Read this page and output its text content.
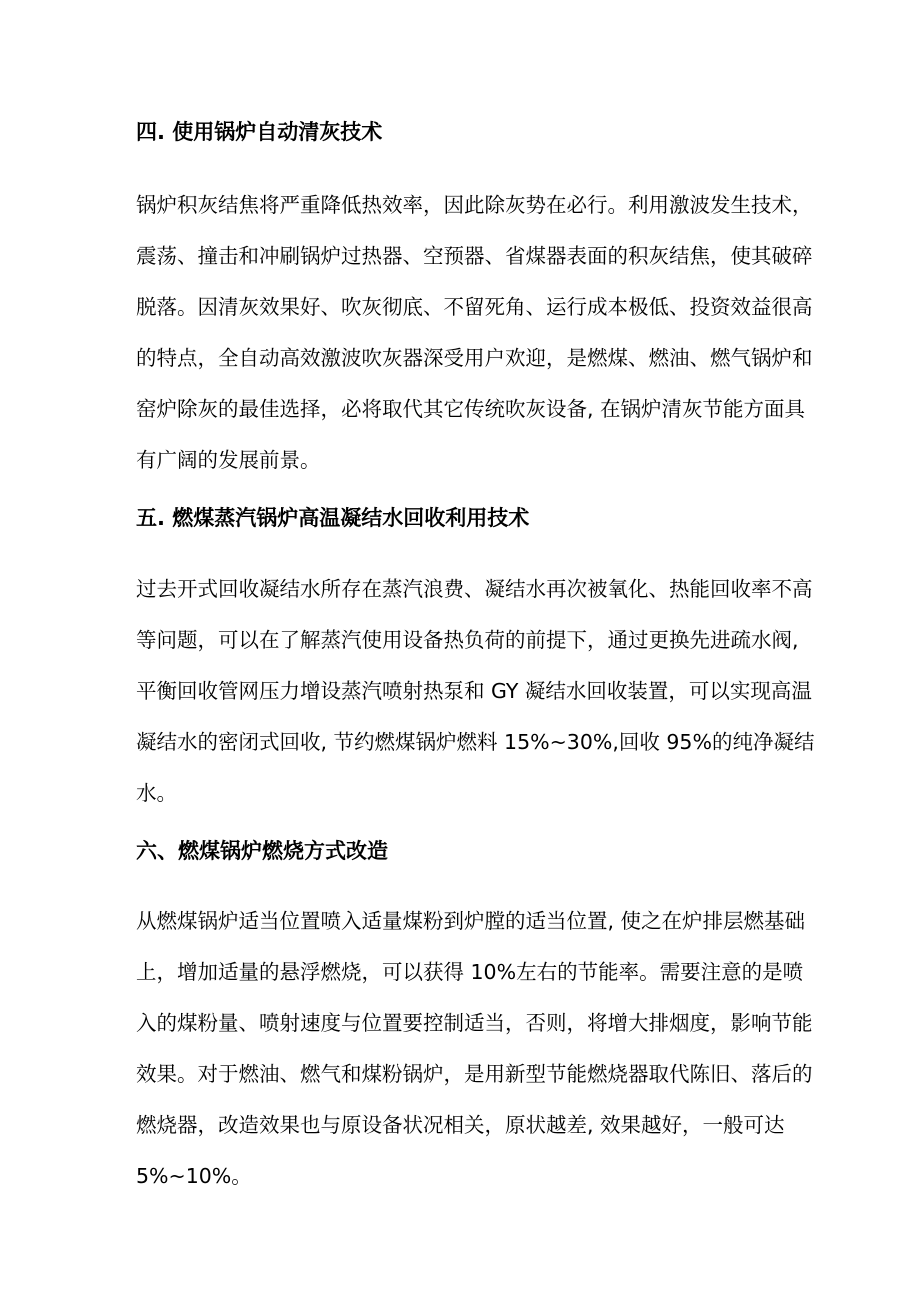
四. 使用锅炉自动清灰技术
锅炉积灰结焦将严重降低热效率，因此除灰势在必行。利用激波发生技术，
震荡、撞击和冲刷锅炉过热器、空预器、省煤器表面的积灰结焦，使其破碎
脱落。因清灰效果好、吹灰彻底、不留死角、运行成本极低、投资效益很高
的特点，全自动高效激波吹灰器深受用户欢迎，是燃煤、燃油、燃气锅炉和
窑炉除灰的最佳选择，必将取代其它传统吹灰设备, 在锅炉清灰节能方面具
有广阔的发展前景。
五. 燃煤蒸汽锅炉高温凝结水回收利用技术
过去开式回收凝结水所存在蒸汽浪费、凝结水再次被氧化、热能回收率不高
等问题，可以在了解蒸汽使用设备热负荷的前提下，通过更换先进疏水阀,
平衡回收管网压力增设蒸汽喷射热泵和 GY 凝结水回收装置，可以实现高温
凝结水的密闭式回收, 节约燃煤锅炉燃料 15%~30%,回收 95%的纯净凝结
水。
六、燃煤锅炉燃烧方式改造
从燃煤锅炉适当位置喷入适量煤粉到炉膛的适当位置, 使之在炉排层燃基础
上，增加适量的悬浮燃烧，可以获得 10%左右的节能率。需要注意的是喷
入的煤粉量、喷射速度与位置要控制适当，否则，将增大排烟度，影响节能
效果。对于燃油、燃气和煤粉锅炉，是用新型节能燃烧器取代陈旧、落后的
燃烧器，改造效果也与原设备状况相关，原状越差, 效果越好，一般可达
5%~10%。
